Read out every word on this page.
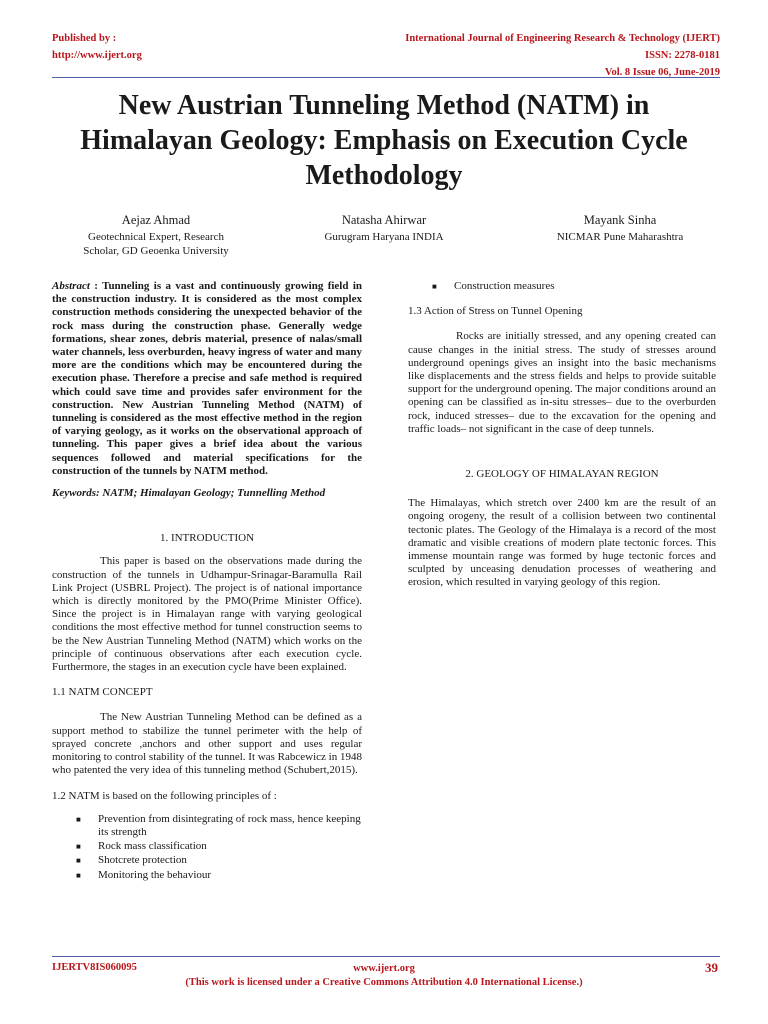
Published by :
http://www.ijert.org
International Journal of Engineering Research & Technology (IJERT)
ISSN: 2278-0181
Vol. 8 Issue 06, June-2019
New Austrian Tunneling Method (NATM) in Himalayan Geology: Emphasis on Execution Cycle Methodology
Aejaz Ahmad
Geotechnical Expert, Research
Scholar, GD Geoenka University
Natasha Ahirwar
Gurugram Haryana INDIA
Mayank Sinha
NICMAR Pune Maharashtra
Abstract : Tunneling is a vast and continuously growing field in the construction industry. It is considered as the most complex construction methods considering the unexpected behavior of the rock mass during the construction phase. Generally wedge formations, shear zones, debris material, presence of nalas/small water channels, less overburden, heavy ingress of water and many more are the conditions which may be encountered during the execution phase. Therefore a precise and safe method is required which could save time and provides safer environment for the construction. New Austrian Tunneling Method (NATM) of tunneling is considered as the most effective method in the region of varying geology, as it works on the observational approach of tunneling. This paper gives a brief idea about the various sequences followed and material specifications for the construction of the tunnels by NATM method.
Keywords: NATM; Himalayan Geology; Tunnelling Method
1. INTRODUCTION
This paper is based on the observations made during the construction of the tunnels in Udhampur-Srinagar-Baramulla Rail Link Project (USBRL Project). The project is of national importance which is directly monitored by the PMO(Prime Minister Office). Since the project is in Himalayan range with varying geological conditions the most effective method for tunnel construction seems to be the New Austrian Tunneling Method (NATM) which works on the principle of continuous observations after each execution cycle. Furthermore, the stages in an execution cycle have been explained.
1.1 NATM CONCEPT
The New Austrian Tunneling Method can be defined as a support method to stabilize the tunnel perimeter with the help of sprayed concrete ,anchors and other support and uses regular monitoring to control stability of the tunnel. It was Rabcewicz in 1948 who patented the very idea of this tunneling method (Schubert,2015).
1.2 NATM is based on the following principles of :
■ Prevention from disintegrating of rock mass, hence keeping its strength
■ Rock mass classification
■ Shotcrete protection
■ Monitoring the behaviour
■ Construction measures
1.3 Action of Stress on Tunnel Opening
Rocks are initially stressed, and any opening created can cause changes in the initial stress. The study of stresses around underground openings gives an insight into the basic mechanisms like displacements and the stress fields and helps to provide suitable support for the underground opening. The major conditions around an opening can be classified as in-situ stresses– due to the overburden rock, induced stresses– due to the excavation for the opening and traffic loads– not significant in the case of deep tunnels.
2. GEOLOGY OF HIMALAYAN REGION
The Himalayas, which stretch over 2400 km are the result of an ongoing orogeny, the result of a collision between two continental tectonic plates. The Geology of the Himalaya is a record of the most dramatic and visible creations of modern plate tectonic forces. This immense mountain range was formed by huge tectonic forces and sculpted by unceasing denudation processes of weathering and erosion, which resulted in varying geology of this region.
IJERTV8IS060095	www.ijert.org
(This work is licensed under a Creative Commons Attribution 4.0 International License.)
39
